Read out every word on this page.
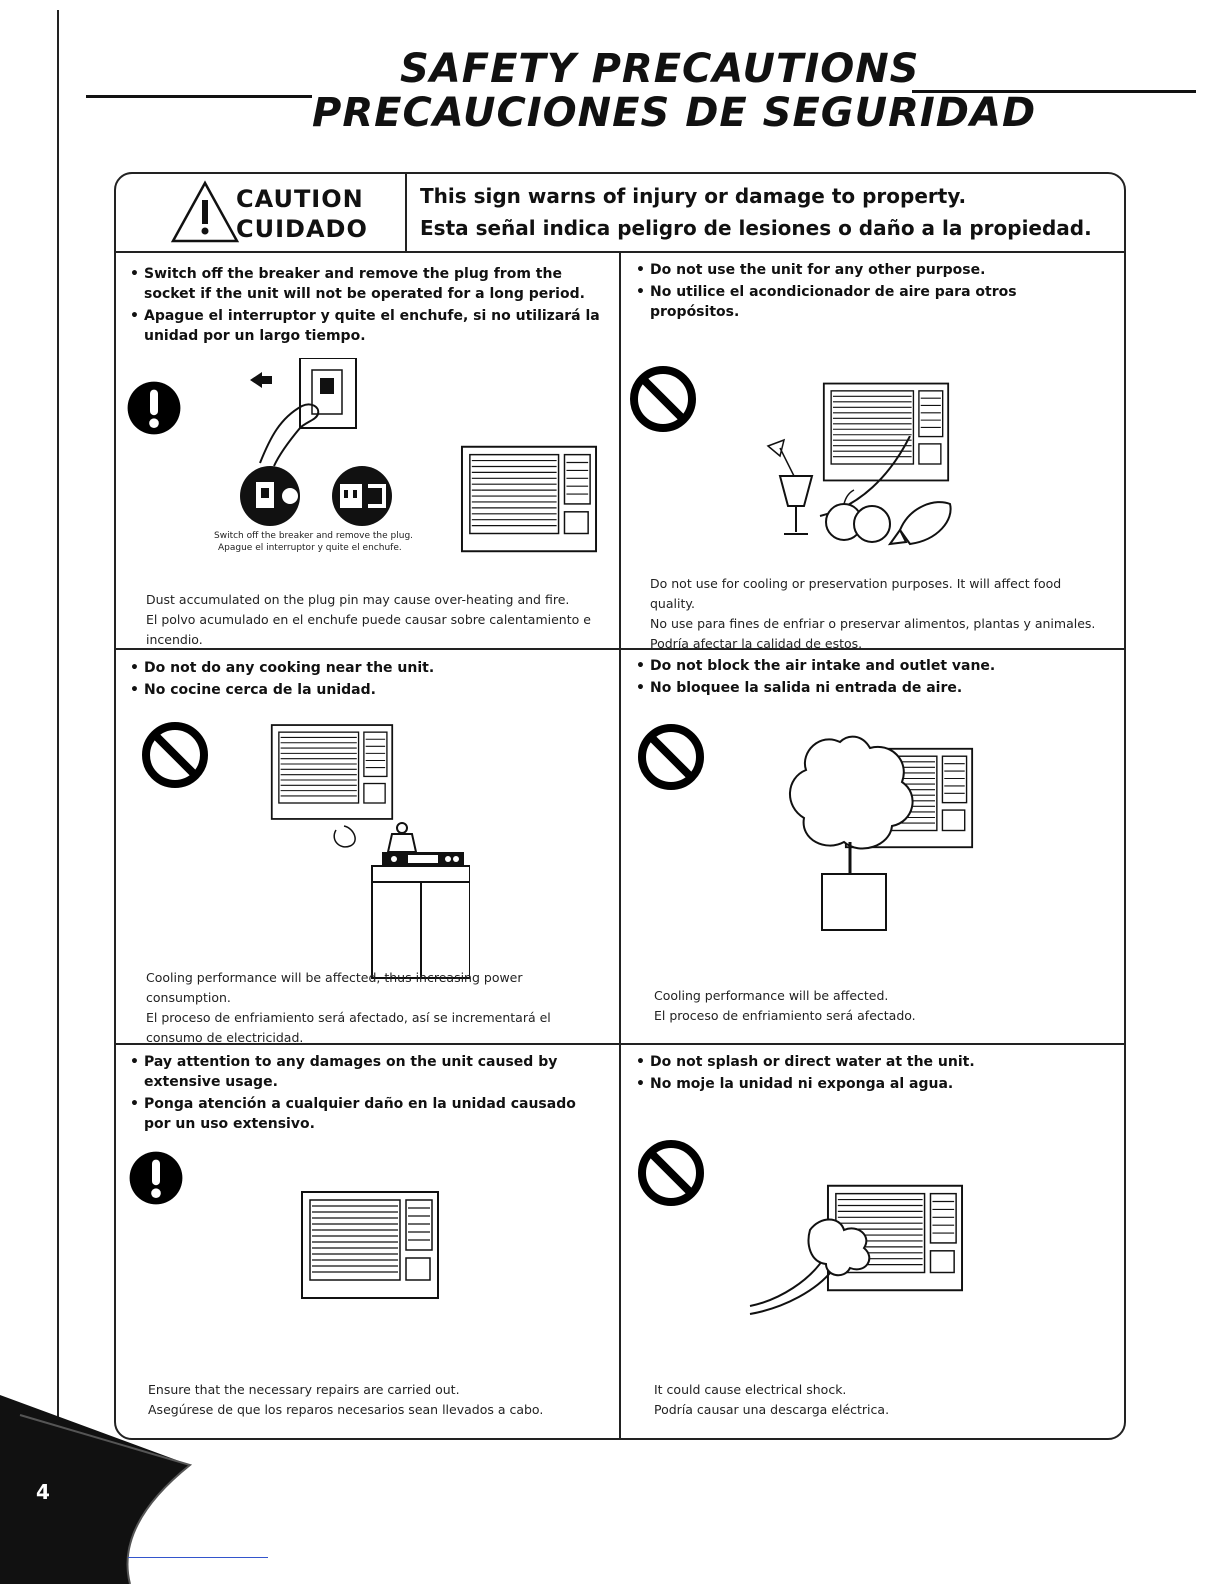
SAFETY PRECAUTIONS
PRECAUCIONES DE SEGURIDAD
CAUTION
CUIDADO
This sign warns of injury or damage to property.
Esta señal indica peligro de lesiones o daño a la propiedad.
• Switch off the breaker and remove the plug from the socket if the unit will not be operated for a long period.
• Apague el interruptor y quite el enchufe, si no utilizará la unidad por un largo tiempo.
Switch off the breaker and remove the plug.
Apague el interruptor y quite el enchufe.
Dust accumulated on the plug pin may cause over-heating and fire.
El polvo acumulado en el enchufe puede causar sobre calentamiento e incendio.
• Do not use the unit for any other purpose.
• No utilice el acondicionador de aire para otros propósitos.
Do not use for cooling or preservation purposes. It will affect food quality.
No use para fines de enfriar o preservar alimentos, plantas y animales. Podría afectar la calidad de estos.
• Do not do any cooking near the unit.
• No cocine cerca de la unidad.
Cooling performance will be affected, thus increasing power consumption.
El proceso de enfriamiento será afectado, así se incrementará el consumo de electricidad.
• Do not block the air intake and outlet vane.
• No bloquee la salida ni entrada de aire.
Cooling performance will be affected.
El proceso de enfriamiento será afectado.
• Pay attention to any damages on the unit caused by extensive usage.
• Ponga atención a cualquier daño en la unidad causado por un uso extensivo.
Ensure that the necessary repairs are carried out.
Asegúrese de que los reparos necesarios sean llevados a cabo.
• Do not splash or direct water at the unit.
• No moje la unidad ni exponga al agua.
It could cause electrical shock.
Podría causar una descarga eléctrica.
4
